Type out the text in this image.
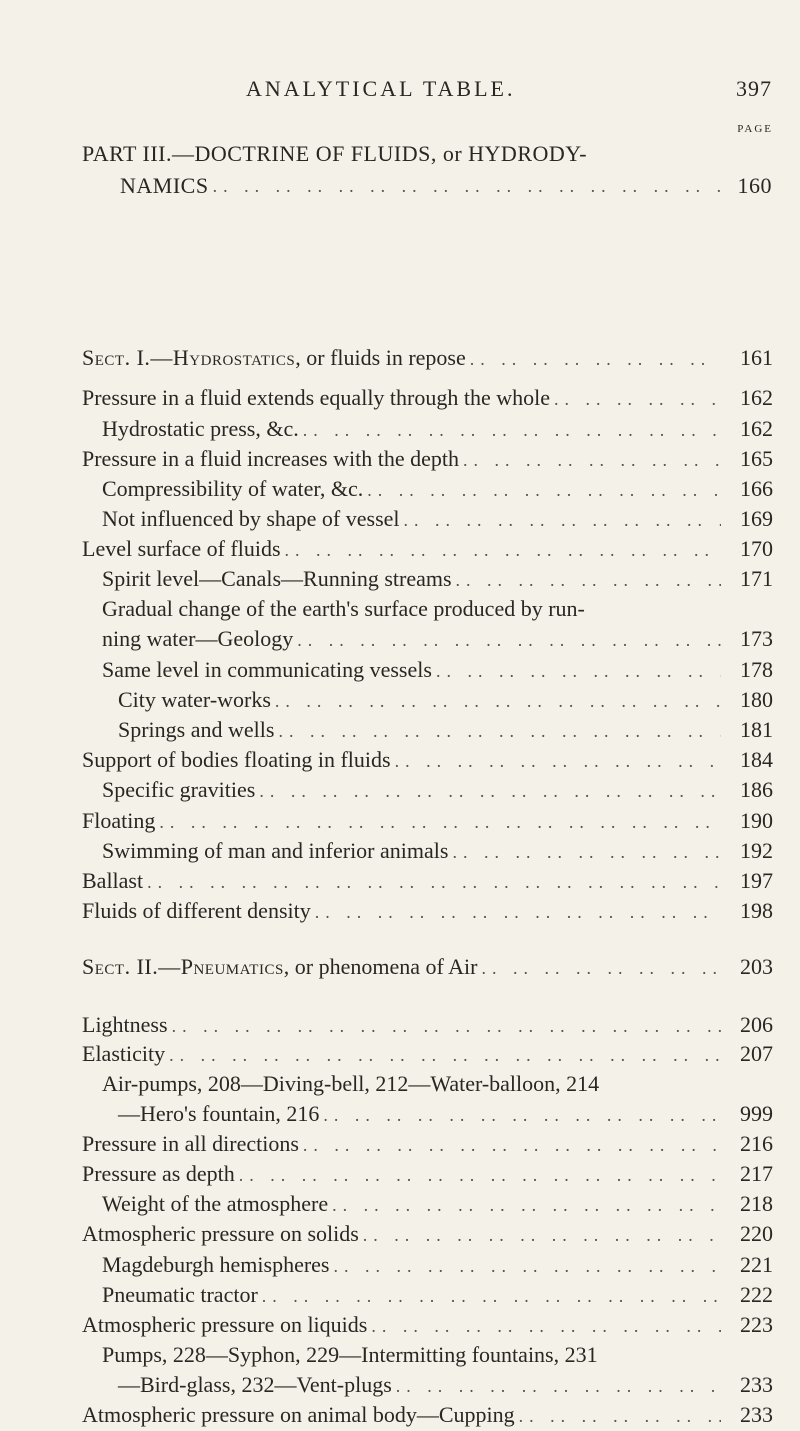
ANALYTICAL TABLE.	397
PAGE
PART III.—DOCTRINE OF FLUIDS, or HYDRODY-
NAMICS .. ..	160
Sect. I.—Hydrostatics, or fluids in repose .. ..	161
Pressure in a fluid extends equally through the whole .. ..	162
Hydrostatic press, &c. .. ..	162
Pressure in a fluid increases with the depth .. ..	165
Compressibility of water, &c. .. ..	166
Not influenced by shape of vessel .. ..	169
Level surface of fluids .. ..	170
Spirit level—Canals—Running streams .. ..	171
Gradual change of the earth's surface produced by run-
ning water—Geology .. ..	173
Same level in communicating vessels .. ..	178
City water-works .. ..	180
Springs and wells .. ..	181
Support of bodies floating in fluids .. ..	184
Specific gravities .. ..	186
Floating .. ..	190
Swimming of man and inferior animals .. ..	192
Ballast .. ..	197
Fluids of different density .. ..	198
Sect. II.—Pneumatics, or phenomena of Air .. ..	203
Lightness .. ..	206
Elasticity .. ..	207
Air-pumps, 208—Diving-bell, 212—Water-balloon, 214
—Hero's fountain, 216 .. ..	999
Pressure in all directions .. ..	216
Pressure as depth .. ..	217
Weight of the atmosphere .. ..	218
Atmospheric pressure on solids .. ..	220
Magdeburgh hemispheres .. ..	221
Pneumatic tractor .. ..	222
Atmospheric pressure on liquids .. ..	223
Pumps, 228—Syphon, 229—Intermitting fountains, 231
—Bird-glass, 232—Vent-plugs .. ..	233
Atmospheric pressure on animal body—Cupping .. ..	233
